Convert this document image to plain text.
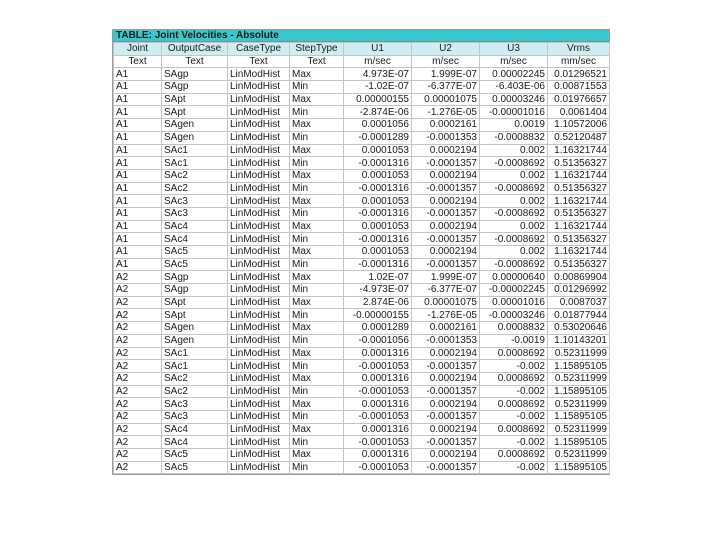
TABLE: Joint Velocities - Absolute
Joint	OutputCase	CaseType	StepType	U1	U2	U3	Vrms
Text	Text	Text	Text	m/sec	m/sec	m/sec	mm/sec
A1	SAgp	LinModHist	Max	4.973E-07	1.999E-07	0.00002245	0.01296521
A1	SAgp	LinModHist	Min	-1.02E-07	-6.377E-07	-6.403E-06	0.00871553
A1	SApt	LinModHist	Max	0.00000155	0.00001075	0.00003246	0.01976657
A1	SApt	LinModHist	Min	-2.874E-06	-1.276E-05	-0.00001016	0.0061404
A1	SAgen	LinModHist	Max	0.0001056	0.0002161	0.0019	1.10572006
A1	SAgen	LinModHist	Min	-0.0001289	-0.0001353	-0.0008832	0.52120487
A1	SAc1	LinModHist	Max	0.0001053	0.0002194	0.002	1.16321744
A1	SAc1	LinModHist	Min	-0.0001316	-0.0001357	-0.0008692	0.51356327
A1	SAc2	LinModHist	Max	0.0001053	0.0002194	0.002	1.16321744
A1	SAc2	LinModHist	Min	-0.0001316	-0.0001357	-0.0008692	0.51356327
A1	SAc3	LinModHist	Max	0.0001053	0.0002194	0.002	1.16321744
A1	SAc3	LinModHist	Min	-0.0001316	-0.0001357	-0.0008692	0.51356327
A1	SAc4	LinModHist	Max	0.0001053	0.0002194	0.002	1.16321744
A1	SAc4	LinModHist	Min	-0.0001316	-0.0001357	-0.0008692	0.51356327
A1	SAc5	LinModHist	Max	0.0001053	0.0002194	0.002	1.16321744
A1	SAc5	LinModHist	Min	-0.0001316	-0.0001357	-0.0008692	0.51356327
A2	SAgp	LinModHist	Max	1.02E-07	1.999E-07	0.00000640	0.00869904
A2	SAgp	LinModHist	Min	-4.973E-07	-6.377E-07	-0.00002245	0.01296992
A2	SApt	LinModHist	Max	2.874E-06	0.00001075	0.00001016	0.0087037
A2	SApt	LinModHist	Min	-0.00000155	-1.276E-05	-0.00003246	0.01877944
A2	SAgen	LinModHist	Max	0.0001289	0.0002161	0.0008832	0.53020646
A2	SAgen	LinModHist	Min	-0.0001056	-0.0001353	-0.0019	1.10143201
A2	SAc1	LinModHist	Max	0.0001316	0.0002194	0.0008692	0.52311999
A2	SAc1	LinModHist	Min	-0.0001053	-0.0001357	-0.002	1.15895105
A2	SAc2	LinModHist	Max	0.0001316	0.0002194	0.0008692	0.52311999
A2	SAc2	LinModHist	Min	-0.0001053	-0.0001357	-0.002	1.15895105
A2	SAc3	LinModHist	Max	0.0001316	0.0002194	0.0008692	0.52311999
A2	SAc3	LinModHist	Min	-0.0001053	-0.0001357	-0.002	1.15895105
A2	SAc4	LinModHist	Max	0.0001316	0.0002194	0.0008692	0.52311999
A2	SAc4	LinModHist	Min	-0.0001053	-0.0001357	-0.002	1.15895105
A2	SAc5	LinModHist	Max	0.0001316	0.0002194	0.0008692	0.52311999
A2	SAc5	LinModHist	Min	-0.0001053	-0.0001357	-0.002	1.15895105
